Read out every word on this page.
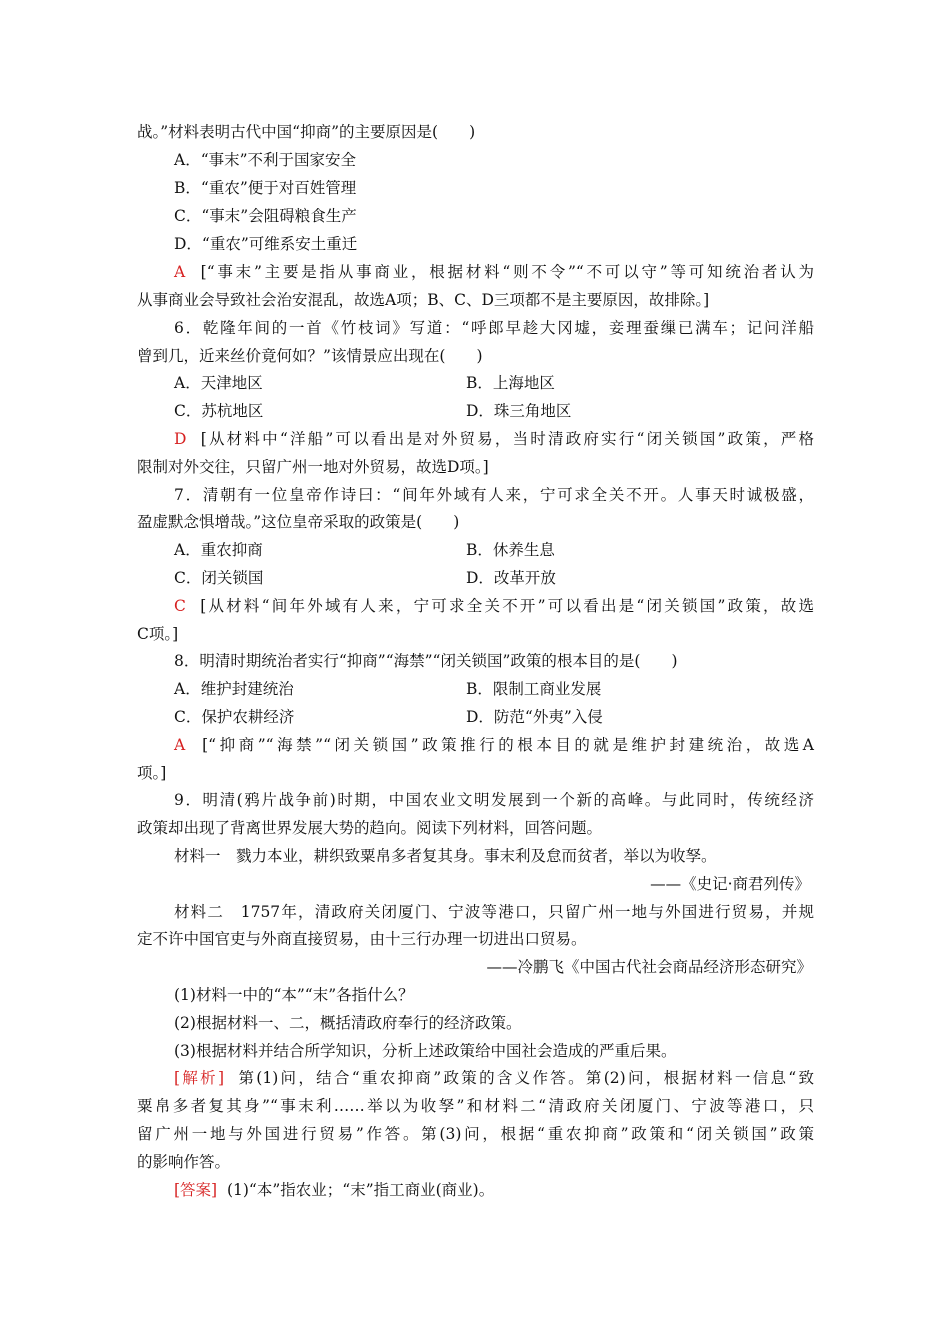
战。”材料表明古代中国“抑商”的主要原因是(　　)
A．“事末”不利于国家安全
B．“重农”便于对百姓管理
C．“事末”会阻碍粮食生产
D．“重农”可维系安土重迁
A [“事末”主要是指从事商业，根据材料“则不令”“不可以守”等可知统治者认为
从事商业会导致社会治安混乱，故选A项；B、C、D三项都不是主要原因，故排除。]
6．乾隆年间的一首《竹枝词》写道：“呼郎早趁大冈墟，妾理蚕缫已满车；记问洋船
曾到几，近来丝价竟何如？”该情景应出现在(　　)
A．天津地区	B．上海地区
C．苏杭地区	D．珠三角地区
D [从材料中“洋船”可以看出是对外贸易，当时清政府实行“闭关锁国”政策，严格
限制对外交往，只留广州一地对外贸易，故选D项。]
7．清朝有一位皇帝作诗曰：“间年外域有人来，宁可求全关不开。人事天时诚极盛，
盈虚默念惧增哉。”这位皇帝采取的政策是(　　)
A．重农抑商	B．休养生息
C．闭关锁国	D．改革开放
C [从材料“间年外域有人来，宁可求全关不开”可以看出是“闭关锁国”政策，故选
C项。]
8．明清时期统治者实行“抑商”“海禁”“闭关锁国”政策的根本目的是(　　)
A．维护封建统治	B．限制工商业发展
C．保护农耕经济	D．防范“外夷”入侵
A [“抑商”“海禁”“闭关锁国”政策推行的根本目的就是维护封建统治，故选A
项。]
9．明清(鸦片战争前)时期，中国农业文明发展到一个新的高峰。与此同时，传统经济
政策却出现了背离世界发展大势的趋向。阅读下列材料，回答问题。
材料一　戮力本业，耕织致粟帛多者复其身。事末利及怠而贫者，举以为收孥。
——《史记·商君列传》
材料二　1757年，清政府关闭厦门、宁波等港口，只留广州一地与外国进行贸易，并规
定不许中国官吏与外商直接贸易，由十三行办理一切进出口贸易。
——冷鹏飞《中国古代社会商品经济形态研究》
(1)材料一中的“本”“末”各指什么？
(2)根据材料一、二，概括清政府奉行的经济政策。
(3)根据材料并结合所学知识，分析上述政策给中国社会造成的严重后果。
[解析] 第(1)问，结合“重农抑商”政策的含义作答。第(2)问，根据材料一信息“致
粟帛多者复其身”“事末利……举以为收孥”和材料二“清政府关闭厦门、宁波等港口，只
留广州一地与外国进行贸易”作答。第(3)问，根据“重农抑商”政策和“闭关锁国”政策
的影响作答。
[答案] (1)“本”指农业；“末”指工商业(商业)。
